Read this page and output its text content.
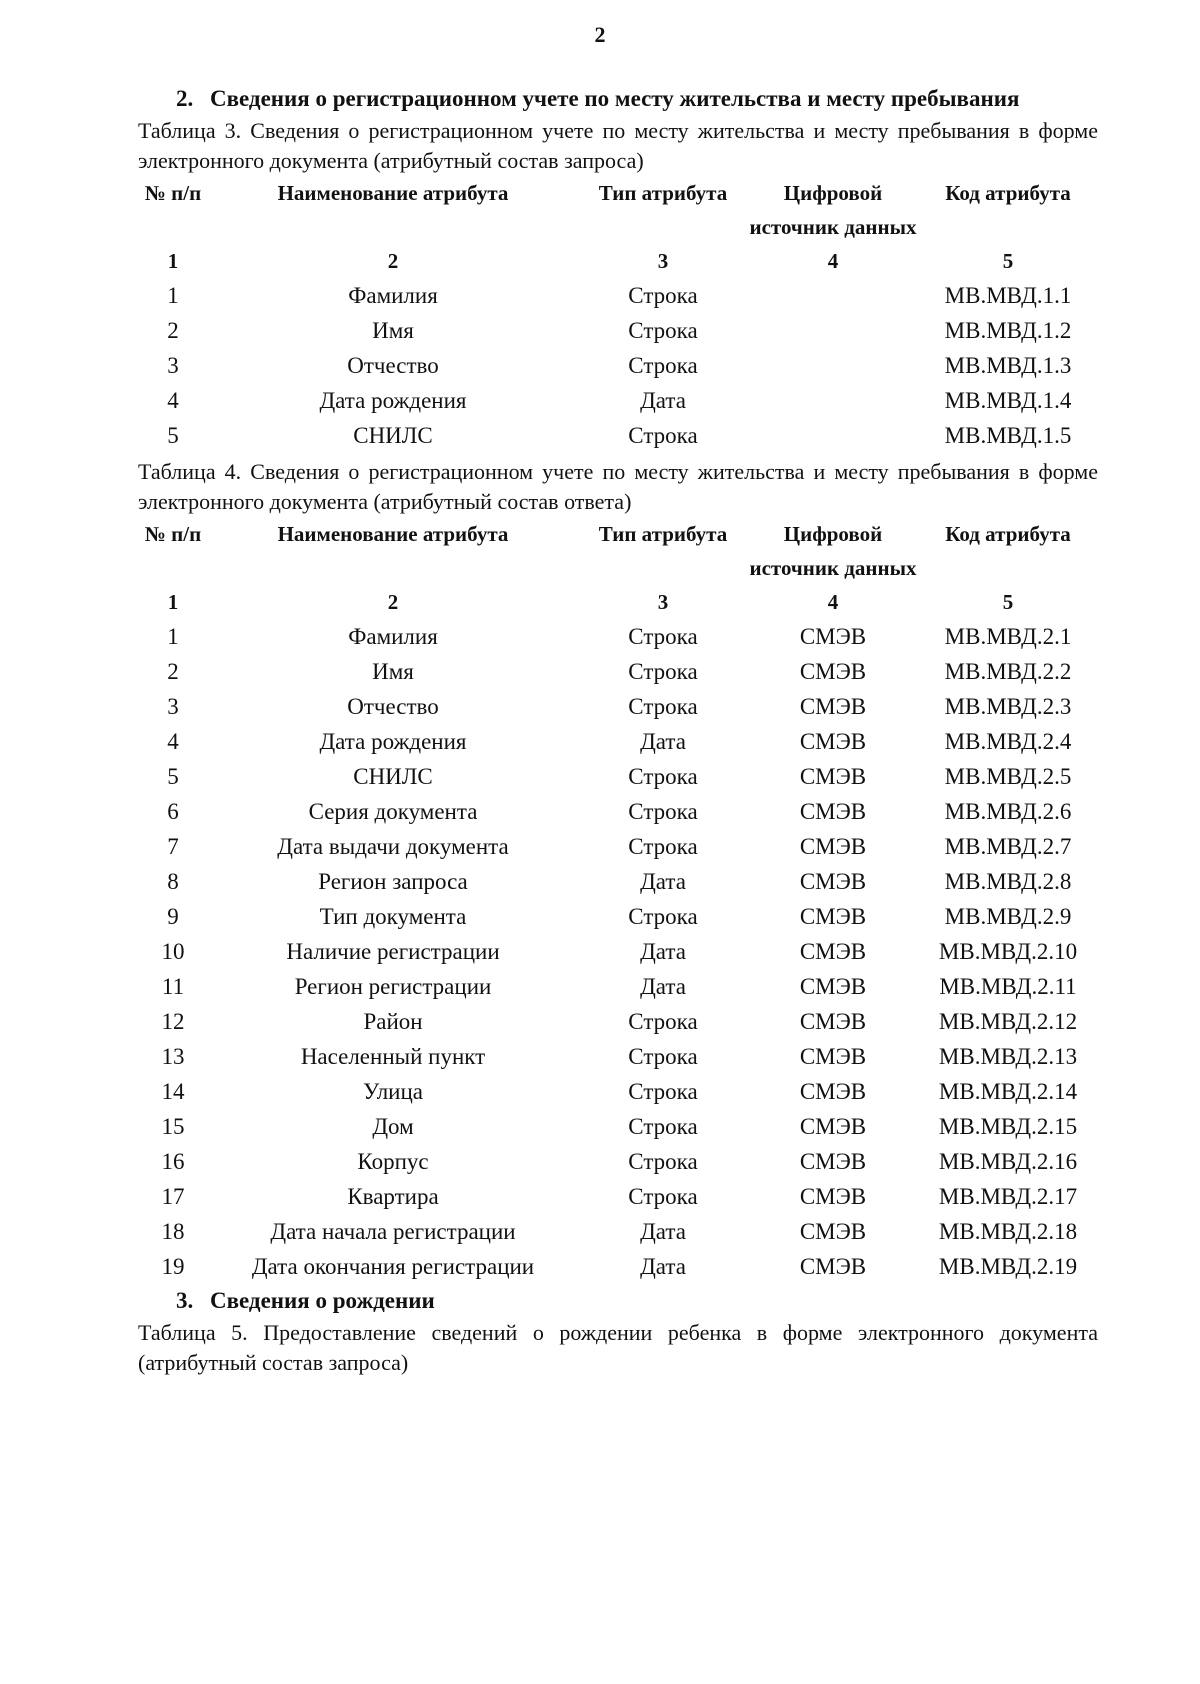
2
2. Сведения о регистрационном учете по месту жительства и месту пребывания
Таблица 3. Сведения о регистрационном учете по месту жительства и месту пребывания в форме электронного документа (атрибутный состав запроса)
№ п/п	Наименование атрибута	Тип атрибута	Цифровой источник данных	Код атрибута
1	2	3	4	5
1	Фамилия	Строка		МВ.МВД.1.1
2	Имя	Строка		МВ.МВД.1.2
3	Отчество	Строка		МВ.МВД.1.3
4	Дата рождения	Дата		МВ.МВД.1.4
5	СНИЛС	Строка		МВ.МВД.1.5
Таблица 4. Сведения о регистрационном учете по месту жительства и месту пребывания в форме электронного документа (атрибутный состав ответа)
№ п/п	Наименование атрибута	Тип атрибута	Цифровой источник данных	Код атрибута
1	2	3	4	5
1	Фамилия	Строка	СМЭВ	МВ.МВД.2.1
2	Имя	Строка	СМЭВ	МВ.МВД.2.2
3	Отчество	Строка	СМЭВ	МВ.МВД.2.3
4	Дата рождения	Дата	СМЭВ	МВ.МВД.2.4
5	СНИЛС	Строка	СМЭВ	МВ.МВД.2.5
6	Серия документа	Строка	СМЭВ	МВ.МВД.2.6
7	Дата выдачи документа	Строка	СМЭВ	МВ.МВД.2.7
8	Регион запроса	Дата	СМЭВ	МВ.МВД.2.8
9	Тип документа	Строка	СМЭВ	МВ.МВД.2.9
10	Наличие регистрации	Дата	СМЭВ	МВ.МВД.2.10
11	Регион регистрации	Дата	СМЭВ	МВ.МВД.2.11
12	Район	Строка	СМЭВ	МВ.МВД.2.12
13	Населенный пункт	Строка	СМЭВ	МВ.МВД.2.13
14	Улица	Строка	СМЭВ	МВ.МВД.2.14
15	Дом	Строка	СМЭВ	МВ.МВД.2.15
16	Корпус	Строка	СМЭВ	МВ.МВД.2.16
17	Квартира	Строка	СМЭВ	МВ.МВД.2.17
18	Дата начала регистрации	Дата	СМЭВ	МВ.МВД.2.18
19	Дата окончания регистрации	Дата	СМЭВ	МВ.МВД.2.19
3. Сведения о рождении
Таблица 5. Предоставление сведений о рождении ребенка в форме электронного документа (атрибутный состав запроса)
